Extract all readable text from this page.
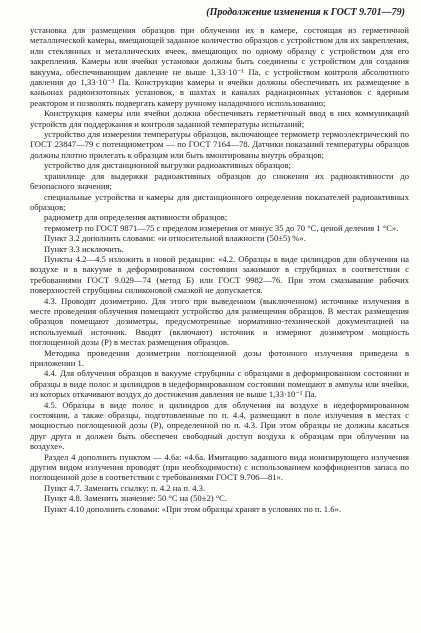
(Продолжение изменения к ГОСТ 9.701—79)

установка для размещения образцов при облучении их в камере, состоящая из герметичной металлической камеры, вмещающей заданное количество образцов с устройством для их закрепления, или стеклянных и металлических ячеек, вмещающих по одному образцу с устройством для его закрепления. Камеры или ячейки установки должны быть соединены с устройством для создания вакуума, обеспечивающим давление не выше 1,33·10⁻¹ Па, с устройством контроля абсолютного давления до 1,33·10⁻³ Па. Конструкции камеры и ячейки должны обеспечивать их размещение в каньонах радиоизотопных установок, в шахтах и каналах радиационных установок с ядерным реактором и позволять подвергать камеру ручному наладочного использованию;

Конструкция камеры или ячейки должна обеспечивать герметичный ввод в них коммуникаций устройств для поддержания и контроля заданной температуры испытаний;

устройство для измерения температуры образцов, включающее термометр термоэлектрический по ГОСТ 23847—79 с потенциометром — по ГОСТ 7164—78. Датчики показаний температуры образцов должны плотно прилегать к образцам или быть вмонтированы внутрь образцов;

устройство для дистанционной выгрузки радиоактивных образцов;

хранилище для выдержки радиоактивных образцов до снижения их радиоактивности до безопасного значения;

специальные устройства и камеры для дистанционного определения показателей радиоактивных образцов;

радиометр для определения активности образцов;

термометр по ГОСТ 9871—75 с пределом измерения от минус 35 до 70 °С, ценой деления 1 °С».

Пункт 3.2 дополнить словами: «и относительной влажности (50±5) %».

Пункт 3.3 исключить.

Пункты 4.2—4.5 изложить в новой редакции: «4.2. Образцы в виде цилиндров для облучения на воздухе и в вакууме в деформированном состоянии зажимают в струбцинах в соответствии с требованиями ГОСТ 9.029—74 (метод Б) или ГОСТ 9982—76. При этом смазывание рабочих поверхностей струбцины силиконовой смазкой не допускается.

4.3. Проводят дозиметрию. Для этого при выведенном (выключенном) источнике излучения в месте проведения облучения помещают устройство для размещения образцов. В местах размещения образцов помещают дозиметры, предусмотренные нормативно-технической документацией на используемый источник. Вводят (включают) источник и измеряют дозиметром мощность поглощенной дозы (Р) в местах размещения образцов.

Методика проведения дозиметрии поглощенной дозы фотонного излучения приведена в приложении 1.

4.4. Для облучения образцов в вакууме струбцины с образцами в деформированном состоянии и образцы в виде полос и цилиндров в недеформированном состоянии помещают в ампулы или ячейки, из которых откачивают воздух до достижения давления не выше 1,33·10⁻¹ Па.

4.5. Образцы в виде полос и цилиндров для облучения на воздухе в недеформированном состоянии, а также образцы, подготовленные по п. 4.4, размещают в поле излучения в местах с мощностью поглощенной дозы (Р), определенной по п. 4.3. При этом образцы не должны касаться друг друга и должен быть обеспечен свободный доступ воздуха к образцам при облучении на воздухе».

Раздел 4 дополнить пунктом — 4.6а: «4.6а. Имитацию заданного вида ионизирующего излучения другим видом излучения проводят (при необходимости) с использованием коэффициентов запаса по поглощенной дозе в соответствии с требованиями ГОСТ 9.706—81».

Пункт 4.7. Заменить ссылку: п. 4.2 на п. 4.3.

Пункт 4.8. Заменить значение: 50 °С на (50±2) °С.

Пункт 4.10 дополнить словами: «При этом образцы хранят в условиях по п. 1.6».
